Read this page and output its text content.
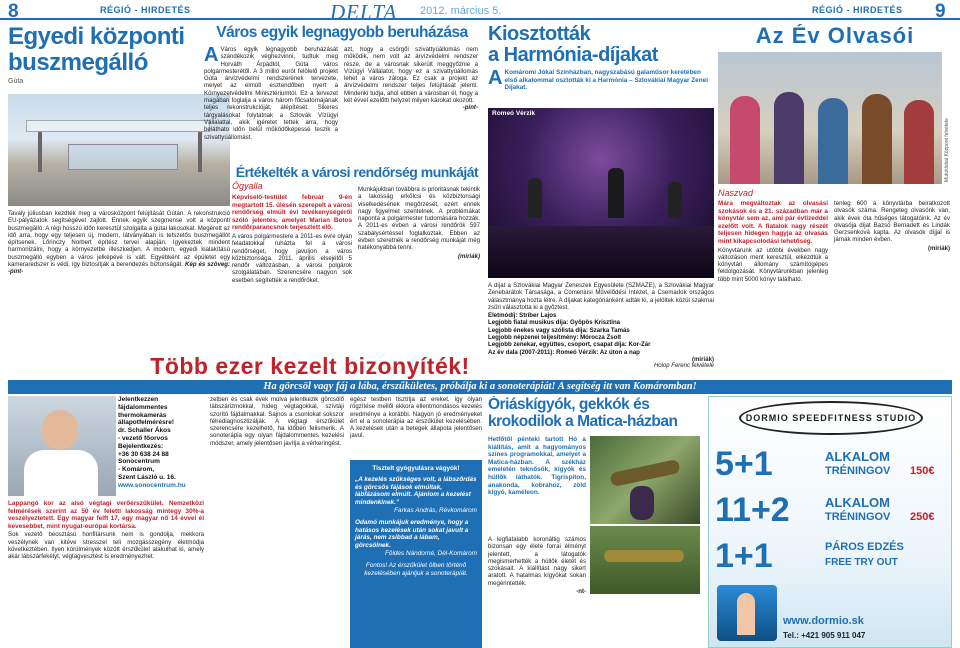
8	RÉGIÓ - HIRDETÉS	DELTA 2012. március 5.	RÉGIÓ - HIRDETÉS 9
Egyedi központi buszmegálló
Gúta
Tavaly júliusban kezdték meg a városközpont felújítását Gútán. A rekonstrukció EU-pályázatok segítségével zajlott. Ennek egyik szegmense volt a központi buszmegálló. A régi hosszú időn keresztül szolgálta a gútai lakosokat. Megérett az idő arra, hogy egy teljesen új, modern, látványában is tetszetős buszmegállót építsenek. Lőrinczy Norbert építész tervei alapján. Igyekeztek mindent harmonizálni, hogy a környezetbe illeszkedjen. A modern, egyedi kialakítású buszmegálló egyben a város jelképévé is vált. Egyébként az épületet egy kameraredszer is védi, így biztosítják a berendezés biztonságát. Kép és szöveg: -pint-
Város egyik legnagyobb beruházása
A Város egyik legnagyobb beruházását szándékozik véghezvinni, tudtuk meg Horváth Árpádtól, Gúta város polgármesterétől. A 3 millió eurót felölelő projekt Gúta árvízvédelmi rendszerének tervezete, melyet az elmúlt esztendőben nyert a Környezetvédelmi Minisztériumtól. Ez a tervezet magában foglalja a város három főcsatornájának teljes rekonstrukcióját, átépítését. Sikeres tárgyalásokat folytatnak a Szlovák Vízügyi Vállalattal, akik igéretet tettek arra, hogy beláthato időn belül működőképessé teszik a szivattyúállomást.
azt, hogy a csörgői szivattyúállomás nem működik, nem volt az árvízvédelmi rendszer része, de a városnak sikerült meggyőznie a Vízügyi Vállalatot, hogy ez a szivattyúállomás lehet a város záloga. Ez csak a projekt az árvízvédelmi rendszer teljes felújítását jelenti. Mindenki tudja, ahol ebben a városban él, hogy a két évvel ezelőtti helyzet milyen károkat okozott.
-pint-
Értékelték a városi rendőrség munkáját
Ógyalla

Képviselő-testület február 9-én megtartott 15. ülésén szerepelt a városi rendőrség elmúlt évi tevékenységéről szóló jelentés, amelyet Marian Botos rendőrparancsnok terjesztett elő.

A város polgármestere a 2011-es évre olyan feladatokkal ruházta fel a városi rendőrséget, hogy javuljon a város közbiztonsága. 2011. április elsejétől 5 rendőr változásban, a városi polgárok szolgálatában. Szerencsére nagyon sok esetben segítették a rendőröket.

Munkájukban továbbra is prioritásnak tekintik a lakosság erkölcsi és közbiztonsági viselkedésének megőrzését, ezért ennek nagy figyelmet szentelnek. A problémákat naponta a polgármester tudomására hozzák. A 2011-es évben a városi rendőrök 597 szabálysértéssel foglalkoztak. Ebben az évben szeretnék a rendőrség munkáját még hatékonyabbá tenni.

(miriák)
Kiosztották
a Harmónia-díjakat
A Komáromi Jókai Színházban, nagyszabású galaműsor keretében első alkalommal osztották ki a Harmónia – Szlovákiai Magyar Zenei Díjakat.
Romeó Vérzik

A díjat a Szlovákiai Magyar Zeneszek Egyesülete (SZMAZE), a Szlovákiai Magyar Zenebarátok Társasága, a Comeniusi Művelődési Intézet, a Csemadok országos választmánya hozta létre. A díjakat kategóriánként adták ki, a jelöltek közül szakmai zsűri választotta ki a győztest.

Eletmódíj: Stríber Lajos
Legjobb fiatal musikus díja: Gyöpös Krisztina
Legjobb énekes vagy szólista díja: Szarka Tamás
Legjobb népzenei teljesítmény: Mórocza Zsolt
Legjobb zenekar, együttes, csoport, csapat díja: Kor-Zár
Az év dala (2007-2011): Romeó Vérzik: Az úton a nap
(miriák)
Holop Ferenc felvétele
Az Év Olvasói
Mutuklobal Központ felvétele
Naszvad

Mára megváltoztak az olvasási szokások és a 21. században már a könyvtár sem az, ami pár évtizeddel ezelőtt volt. A fiatalok nagy részét teljesen hidegen hagyja az olvasás mint kikapcsolódási lehetőség.

Könyvtárunk az utóbbi években nagy változáson ment keresztül, elkezdtük a könyvtári állomány számítógépes feldolgozását. Könyvtárunkban jelenleg több mint 5000 könyv található.

tenleg 600 a könyvtárba beiratkozott olvasók száma. Rengeteg olvasónk van, akik évek óta hűséges látogatóink. Az év olvasója díjat Bazsó Bernadett és Lindák Gerzsenková kapta. Az olvasók díjjal is járnak minden évben.

(miriák)
Több ezer kezelt bizonyíték!
Ha görcsöl vagy fáj a lába, érszűkületes, próbálja ki a sonoterápiát! A segítség itt van Komáromban!
Jelentkezzen
fájdalommentes
thermokamerás
állapotfelmérésre!
dr. Schaller Ákos
- vezető főorvos
Bejelentkezés:
+36 30 638 24 88
Sonocentrum
- Komárom,
Szent László u. 16.
www.sonocentrum.hu

Lappangó kor az alsó végtagi verőérszűkület. Nemzetközi felmérések szerint az 50 év feletti lakosság mintegy 30%-a veszélyeztetett. Egy magyar felft 17, egy magyar nő 14 évvel él kevesebbet, mint nyugat-európai kortársa.

Sok vezető beosztású honfitársunk nem is gondolja, mekkora veszélynek van kitéve stresszel teli mozgásszegény életmódja következtében. Ilyen körülmények között érszűkület alakulhat ki, amely akár lábszárfekélyt, végtagvesztést is eredményezhet.

zetben és csak évek múlva jelentkezik görcsölő lábszárizmokkal, hideg végtagokkal, szívtáji szorító fájdalmakkal. Sajnos a csontokat sokszor félrediagnosztizálják. A végtagi érszűkület szerencsére kezelhető, ha időben felismerik. A sonoterápia egy olyan fájdalommentes kezelési módszer, amely jelentősen javítja a vérkeringést.

egész testben tisztítja az ereket, így olyan rögzítése mellől ekkora ellentmondásos kezelés eredménye a korábbi. Nagyon jó eredményeket ért el a sonoterápia az érszűkület kezelésében. A kezelések után a betegek állapota jelentősen javul.

Tisztelt gyógyulásra vágyók!
„A kezelés szükséges volt, a lábszőrdás és görcsös fájások elmúltak, lábfázásom elmúlt. Ajánlom a kezelést mindenkinek.”
Farkas András, Révkomárom
Odamó munkájuk eredménye, hogy a hatásos kezelések után sokat javult a járás, nem zsibbad a lábam, görcsölnek.
Földes Nándorné, Dél-Komárom
Fontos! Az érszűkület ölben történő kezelésében ajánljuk a sonoterápiát.
Óriáskígyók, gekkók és krokodilok a Matica-házban

Hetfőtől pénteki tartott Hó a kiállítás, amit a hagyományos színes programokkal, amelyet a Matica-házban. A székház emeletén teknősök, kígyók és hüllők láthatók. Tigrispiton, anakonda, kobrához, zöld kígyó, kaméleon.

A legfiatalabb koronáltig számos bizonsan egy élete forrai élményt jelentett, a látogatók megismerhették a hüllők életét és szokásait. A kiállítást nagy sikert aratott. A hatalmas kígyókat sokan megérintették.

-nt-
DORMIO SPEEDFITNESS STUDIO
5+1	ALKALOM
TRÉNINGOV 150€
11+2	ALKALOM
TRÉNINGOV 250€
1+1	PÁROS EDZÉS
FREE TRY OUT
www.dormio.sk
Tel.: +421 905 911 047
